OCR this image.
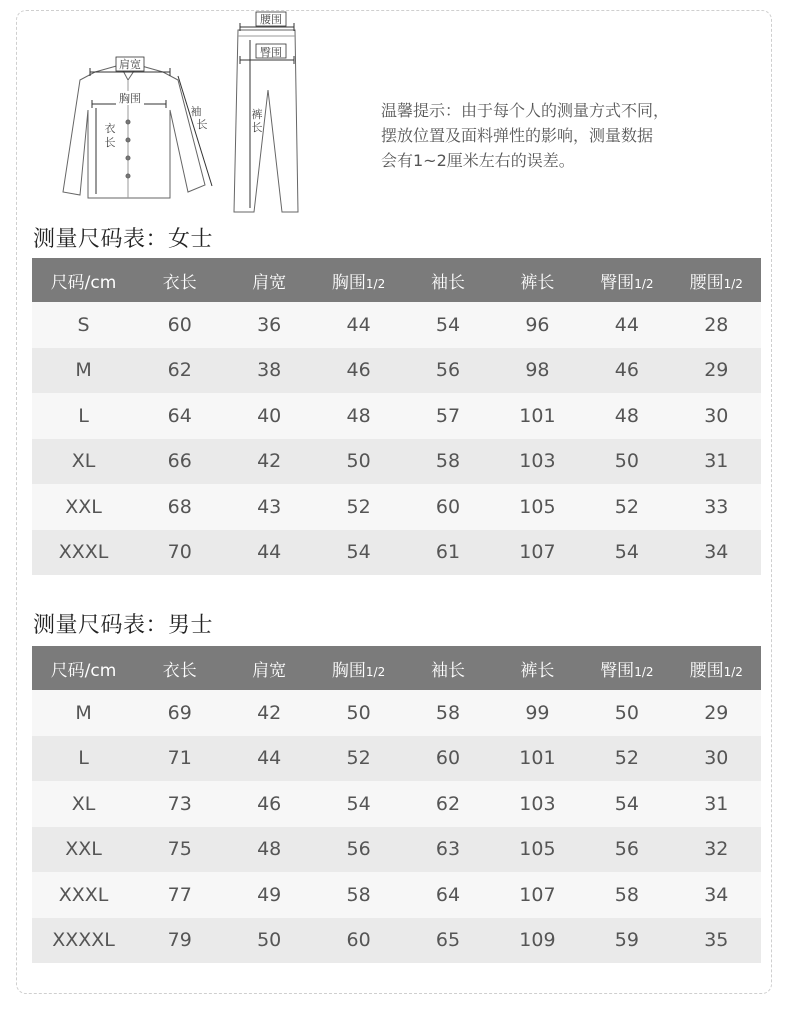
肩宽
胸围
衣
长
袖
长
腰围
臀围
裤
长
温馨提示：由于每个人的测量方式不同，
摆放位置及面料弹性的影响，测量数据
会有1~2厘米左右的误差。
测量尺码表：女士
尺码/cm	衣长	肩宽	胸围1/2	袖长	裤长	臀围1/2	腰围1/2
S	60	36	44	54	96	44	28
M	62	38	46	56	98	46	29
L	64	40	48	57	101	48	30
XL	66	42	50	58	103	50	31
XXL	68	43	52	60	105	52	33
XXXL	70	44	54	61	107	54	34
测量尺码表：男士
尺码/cm	衣长	肩宽	胸围1/2	袖长	裤长	臀围1/2	腰围1/2
M	69	42	50	58	99	50	29
L	71	44	52	60	101	52	30
XL	73	46	54	62	103	54	31
XXL	75	48	56	63	105	56	32
XXXL	77	49	58	64	107	58	34
XXXXL	79	50	60	65	109	59	35
